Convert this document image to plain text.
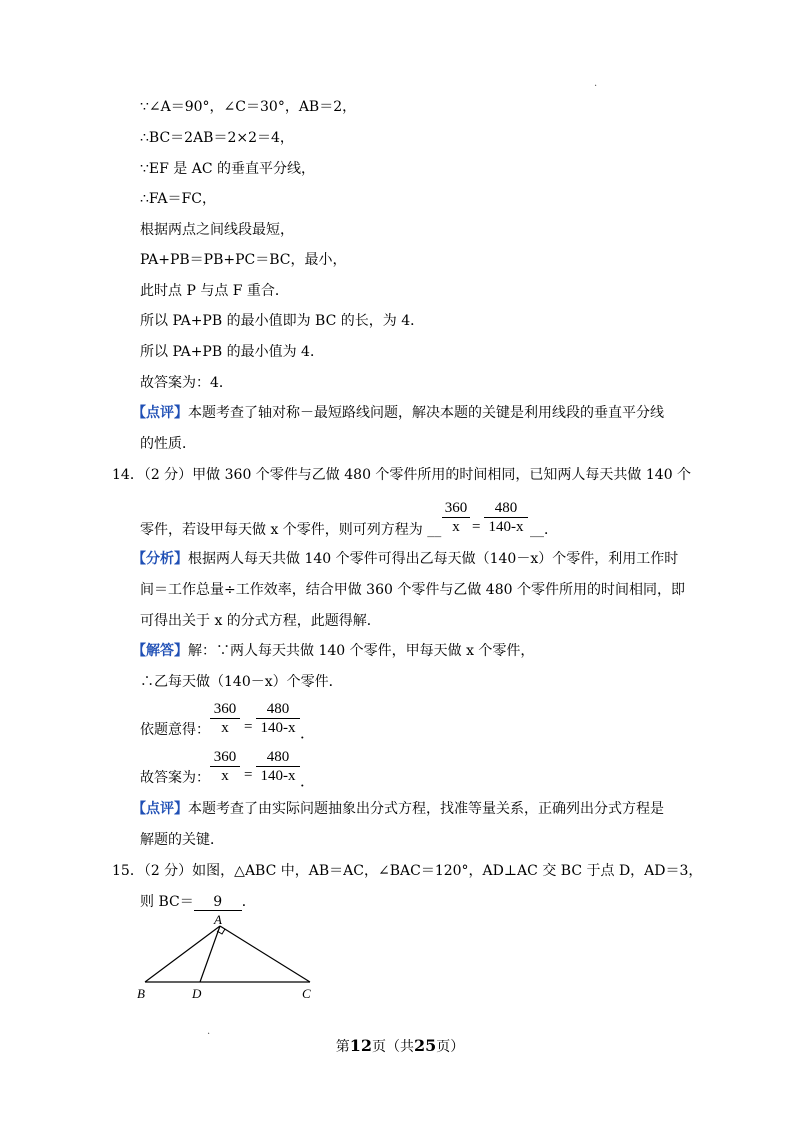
.
∵∠A＝90°，∠C＝30°，AB＝2，
∴BC＝2AB＝2×2＝4，
∵EF 是 AC 的垂直平分线，
∴FA＝FC，
根据两点之间线段最短，
PA+PB＝PB+PC＝BC，最小，
此时点 P 与点 F 重合．
所以 PA+PB 的最小值即为 BC 的长，为 4．
所以 PA+PB 的最小值为 4．
故答案为：4．
【点评】本题考查了轴对称－最短路线问题，解决本题的关键是利用线段的垂直平分线
的性质．
14．（2 分）甲做 360 个零件与乙做 480 个零件所用的时间相同，已知两人每天共做 140 个
零件，若设甲每天做 x 个零件，则可列方程为 __
360
x =
480
140-x __．
【分析】根据两人每天共做 140 个零件可得出乙每天做（140－x）个零件，利用工作时
间＝工作总量÷工作效率，结合甲做 360 个零件与乙做 480 个零件所用的时间相同，即
可得出关于 x 的分式方程，此题得解．
【解答】解：∵两人每天共做 140 个零件，甲每天做 x 个零件，
∴乙每天做（140－x）个零件．
依题意得：
360
x	=
480
140-x ．
故答案为：
360
x	=
480
140-x ．
【点评】本题考查了由实际问题抽象出分式方程，找准等量关系，正确列出分式方程是
解题的关键．
15．（2 分）如图，△ABC 中，AB＝AC，∠BAC＝120°，AD⊥AC 交 BC 于点 D，AD＝3，
则 BC＝ 9 ．
A
B	D	C
.
第12页（共25页）
